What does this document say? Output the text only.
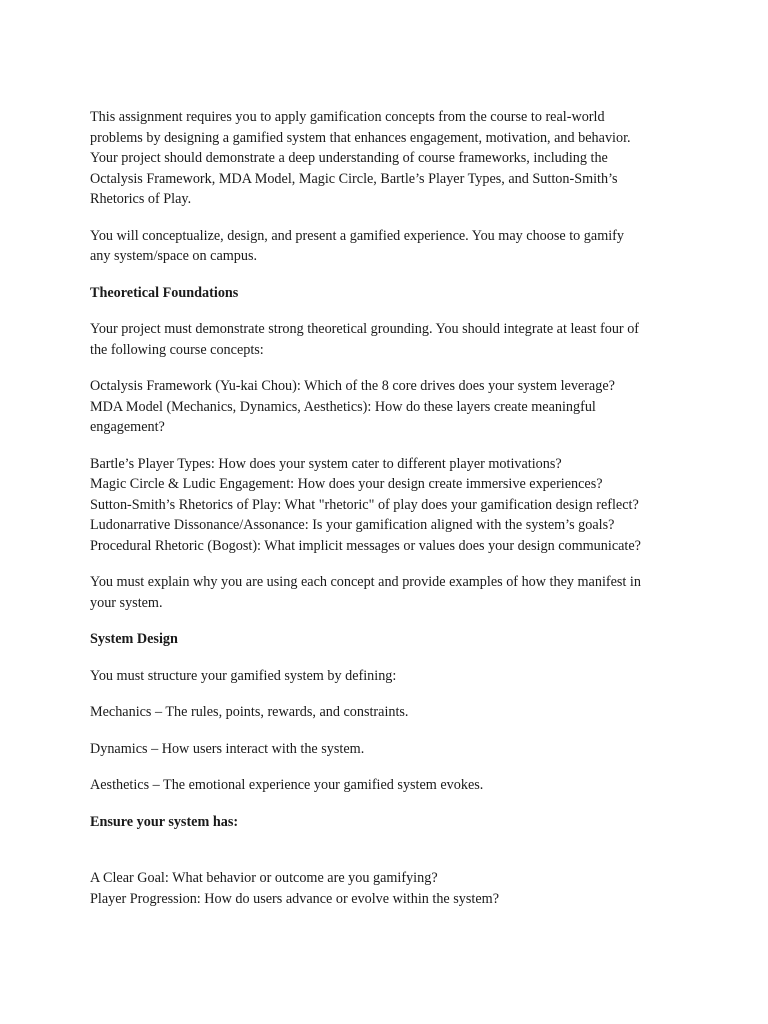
This assignment requires you to apply gamification concepts from the course to real-world
problems by designing a gamified system that enhances engagement, motivation, and behavior.
Your project should demonstrate a deep understanding of course frameworks, including the
Octalysis Framework, MDA Model, Magic Circle, Bartle’s Player Types, and Sutton-Smith’s
Rhetorics of Play.

You will conceptualize, design, and present a gamified experience. You may choose to gamify
any system/space on campus.

Theoretical Foundations

Your project must demonstrate strong theoretical grounding. You should integrate at least four of
the following course concepts:

Octalysis Framework (Yu-kai Chou): Which of the 8 core drives does your system leverage?
MDA Model (Mechanics, Dynamics, Aesthetics): How do these layers create meaningful
engagement?

Bartle’s Player Types: How does your system cater to different player motivations?
Magic Circle & Ludic Engagement: How does your design create immersive experiences?
Sutton-Smith’s Rhetorics of Play: What "rhetoric" of play does your gamification design reflect?
Ludonarrative Dissonance/Assonance: Is your gamification aligned with the system’s goals?
Procedural Rhetoric (Bogost): What implicit messages or values does your design communicate?

You must explain why you are using each concept and provide examples of how they manifest in
your system.

System Design

You must structure your gamified system by defining:

Mechanics – The rules, points, rewards, and constraints.

Dynamics – How users interact with the system.

Aesthetics – The emotional experience your gamified system evokes.

Ensure your system has:

A Clear Goal: What behavior or outcome are you gamifying?
Player Progression: How do users advance or evolve within the system?
